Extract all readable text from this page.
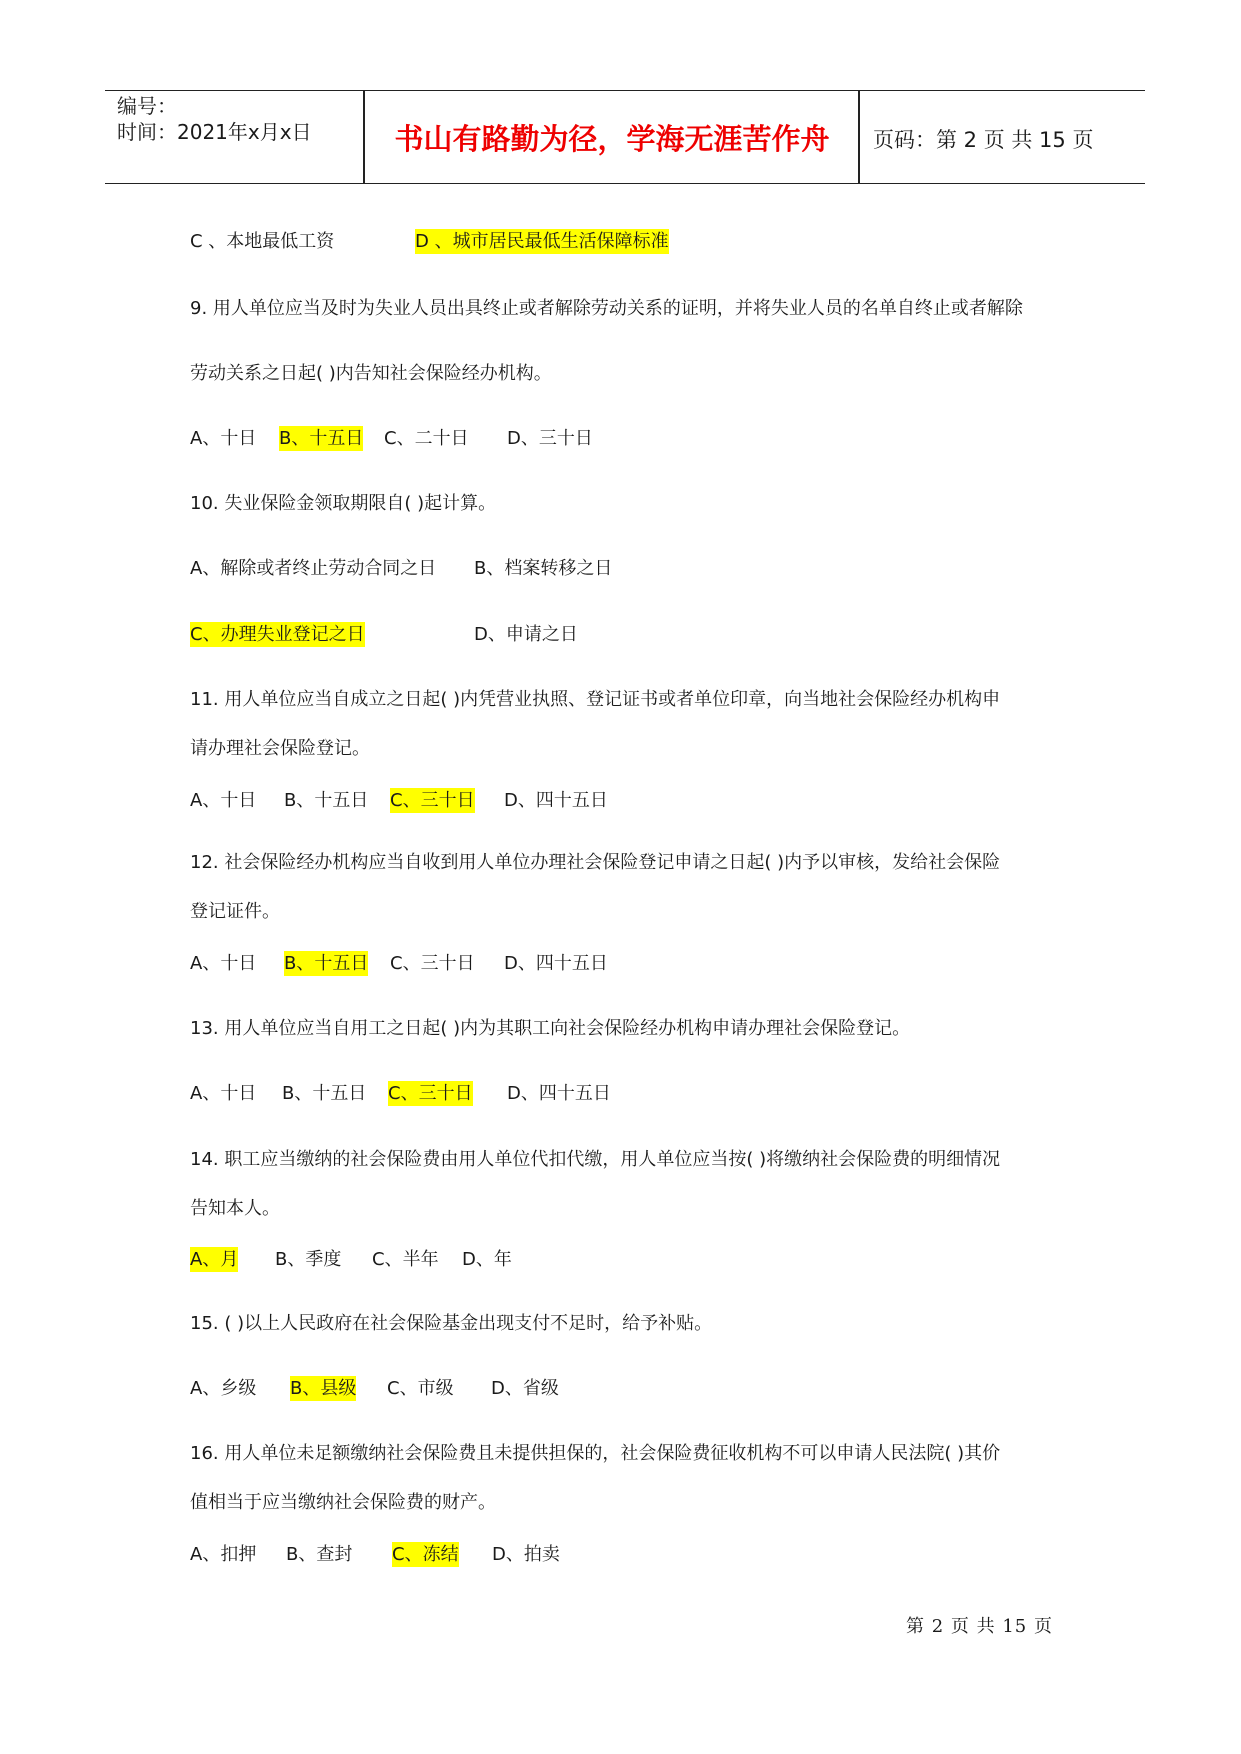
编号：
时间：2021年x月x日	书山有路勤为径，学海无涯苦作舟	页码：第 2 页 共 15 页
C 、本地最低工资	D 、城市居民最低生活保障标准
9. 用人单位应当及时为失业人员出具终止或者解除劳动关系的证明，并将失业人员的名单自终止或者解除
劳动关系之日起( )内告知社会保险经办机构。
A、十日 B、十五日 C、二十日 D、三十日
10. 失业保险金领取期限自( )起计算。
A、解除或者终止劳动合同之日 B、档案转移之日
C、办理失业登记之日	D、申请之日
11. 用人单位应当自成立之日起( )内凭营业执照、登记证书或者单位印章，向当地社会保险经办机构申
请办理社会保险登记。
A、十日 B、十五日 C、三十日 D、四十五日
12. 社会保险经办机构应当自收到用人单位办理社会保险登记申请之日起( )内予以审核，发给社会保险
登记证件。
A、十日 B、十五日 C、三十日 D、四十五日
13. 用人单位应当自用工之日起( )内为其职工向社会保险经办机构申请办理社会保险登记。
A、十日 B、十五日 C、三十日 D、四十五日
14. 职工应当缴纳的社会保险费由用人单位代扣代缴，用人单位应当按( )将缴纳社会保险费的明细情况
告知本人。
A、月 B、季度 C、半年 D、年
15. ( )以上人民政府在社会保险基金出现支付不足时，给予补贴。
A、乡级 B、县级 C、市级 D、省级
16. 用人单位未足额缴纳社会保险费且未提供担保的，社会保险费征收机构不可以申请人民法院( )其价
值相当于应当缴纳社会保险费的财产。
A、扣押 B、查封 C、冻结 D、拍卖
第 2 页 共 15 页
